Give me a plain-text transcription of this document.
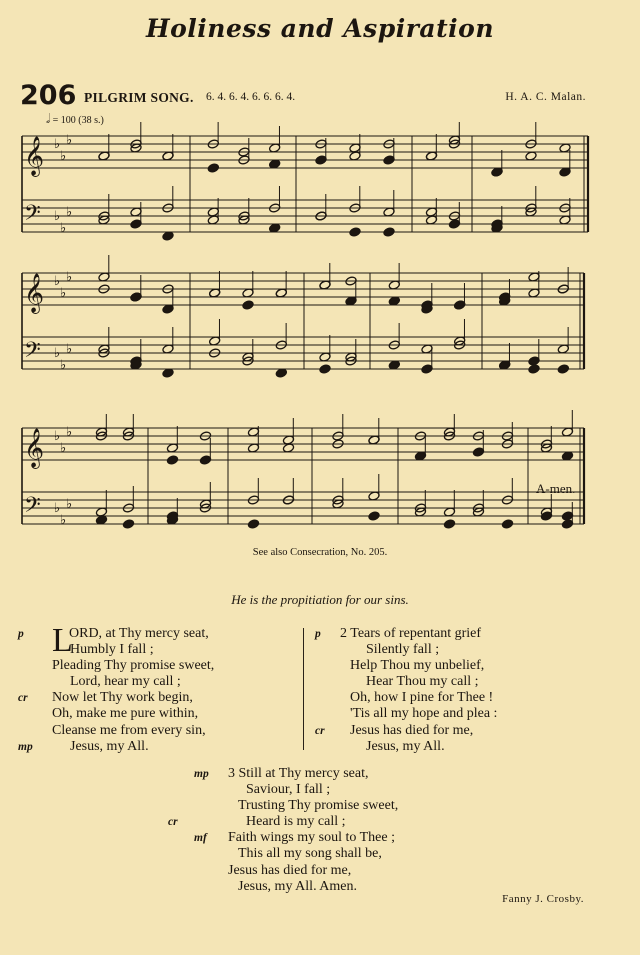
Holiness and Aspiration
206 PILGRIM SONG. 6. 4. 6. 4. 6. 6. 6. 4.	H. A. C. Malan.
𝅗𝅥 = 100 (38 s.)
𝄞 ♭
♭
♭
𝄢 ♭
♭
♭
𝄞 ♭
♭
♭
𝄢 ♭
♭
♭
𝄞 ♭
♭
♭
𝄢 ♭
♭
♭
A-men.
See also Consecration, No. 205.
He is the propitiation for our sins.
p L
ORD, at Thy mercy seat,
Humbly I fall ;
Pleading Thy promise sweet,
Lord, hear my call ;
cr Now let Thy work begin,
Oh, make me pure within,
Cleanse me from every sin,
mp	Jesus, my All.
p 2 Tears of repentant grief
Silently fall ;
Help Thou my unbelief,
Hear Thou my call ;
Oh, how I pine for Thee !
'Tis all my hope and plea :
cr Jesus has died for me,
Jesus, my All.
mp 3 Still at Thy mercy seat,
Saviour, I fall ;
Trusting Thy promise sweet,
cr	Heard is my call ;
mf Faith wings my soul to Thee ;
This all my song shall be,
Jesus has died for me,
Jesus, my All. Amen.
Fanny J. Crosby.
